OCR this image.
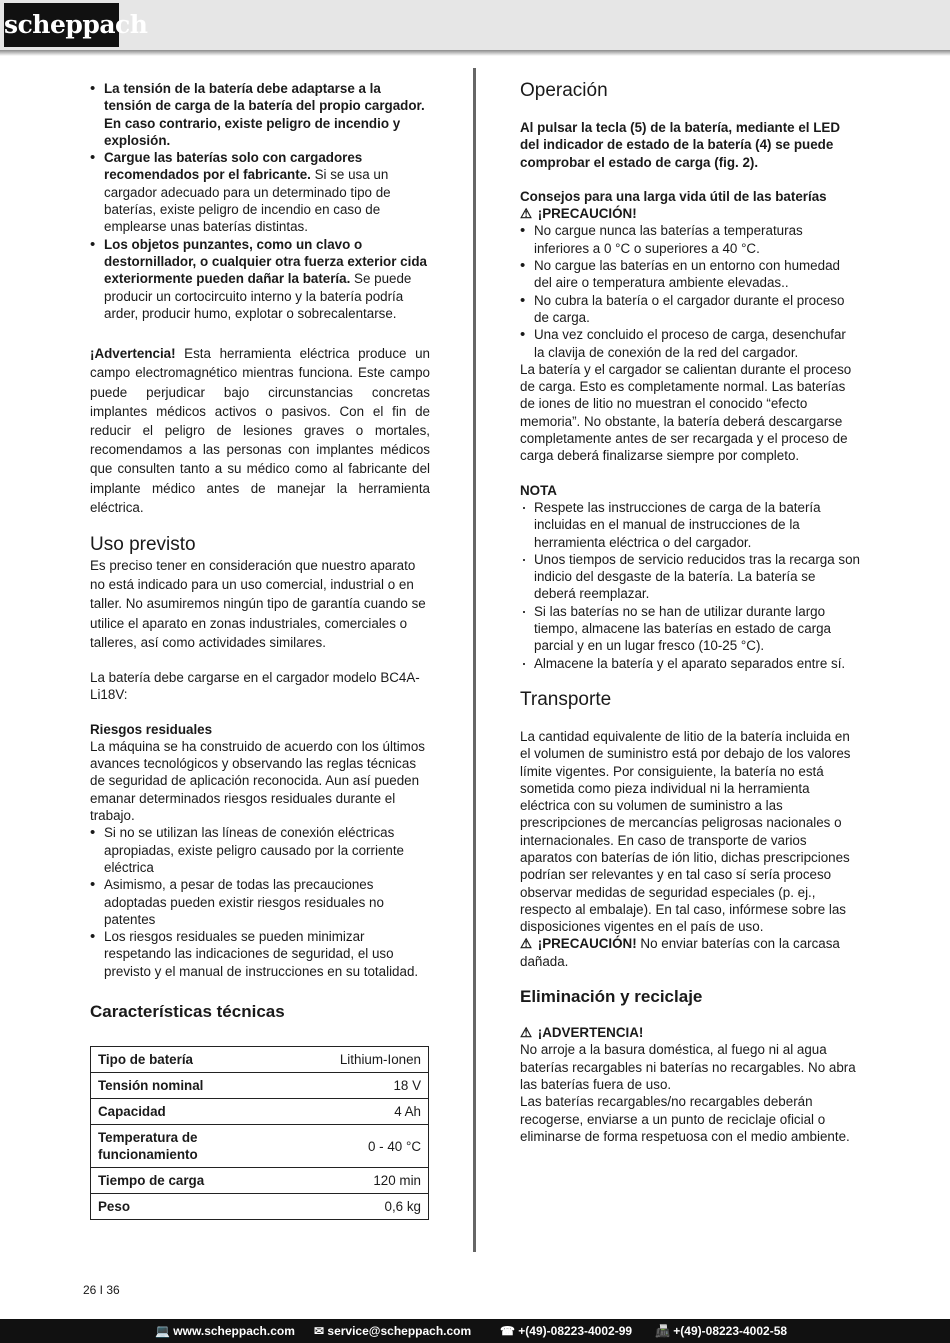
scheppach
• La tensión de la batería debe adaptarse a la tensión de carga de la batería del propio cargador. En caso contrario, existe peligro de incendio y explosión.
• Cargue las baterías solo con cargadores recomendados por el fabricante. Si se usa un cargador adecuado para un determinado tipo de baterías, existe peligro de incendio en caso de emplearse unas baterías distintas.
• Los objetos punzantes, como un clavo o destornillador, o cualquier otra fuerza exterior cida exteriormente pueden dañar la batería. Se puede producir un cortocircuito interno y la batería podría arder, producir humo, explotar o sobrecalentarse.

¡Advertencia! Esta herramienta eléctrica produce un campo electromagnético mientras funciona. Este campo puede perjudicar bajo circunstancias concretas implantes médicos activos o pasivos. Con el fin de reducir el peligro de lesiones graves o mortales, recomendamos a las personas con implantes médicos que consulten tanto a su médico como al fabricante del implante médico antes de manejar la herramienta eléctrica.

Uso previsto

Es preciso tener en consideración que nuestro aparato no está indicado para un uso comercial, industrial o en taller. No asumiremos ningún tipo de garantía cuando se utilice el aparato en zonas industriales, comerciales o talleres, así como actividades similares.

La batería debe cargarse en el cargador modelo BC4A-Li18V:

Riesgos residuales

La máquina se ha construido de acuerdo con los últimos avances tecnológicos y observando las reglas técnicas de seguridad de aplicación reconocida. Aun así pueden emanar determinados riesgos residuales durante el trabajo.

• Si no se utilizan las líneas de conexión eléctricas apropiadas, existe peligro causado por la corriente eléctrica
• Asimismo, a pesar de todas las precauciones adoptadas pueden existir riesgos residuales no patentes
• Los riesgos residuales se pueden minimizar respetando las indicaciones de seguridad, el uso previsto y el manual de instrucciones en su totalidad.
Características técnicas
Tipo de batería	Lithium-Ionen
Tensión nominal	18 V
Capacidad	4 Ah
Temperatura de funcionamiento	0 - 40 °C
Tiempo de carga	120 min
Peso	0,6 kg
Operación

Al pulsar la tecla (5) de la batería, mediante el LED del indicador de estado de la batería (4) se puede comprobar el estado de carga (fig. 2).

Consejos para una larga vida útil de las baterías

⚠ ¡PRECAUCIÓN!

• No cargue nunca las baterías a temperaturas inferiores a 0 °C o superiores a 40 °C.
• No cargue las baterías en un entorno con humedad del aire o temperatura ambiente elevadas..
• No cubra la batería o el cargador durante el proceso de carga.
• Una vez concluido el proceso de carga, desenchufar la clavija de conexión de la red del cargador.

La batería y el cargador se calientan durante el proceso de carga. Esto es completamente normal. Las baterías de iones de litio no muestran el conocido “efecto memoria”. No obstante, la batería deberá descargarse completamente antes de ser recargada y el proceso de carga deberá finalizarse siempre por completo.

NOTA

· Respete las instrucciones de carga de la batería incluidas en el manual de instrucciones de la herramienta eléctrica o del cargador.
· Unos tiempos de servicio reducidos tras la recarga son indicio del desgaste de la batería. La batería se deberá reemplazar.
· Si las baterías no se han de utilizar durante largo tiempo, almacene las baterías en estado de carga parcial y en un lugar fresco (10-25 °C).
· Almacene la batería y el aparato separados entre sí.
Transporte

La cantidad equivalente de litio de la batería incluida en el volumen de suministro está por debajo de los valores límite vigentes. Por consiguiente, la batería no está sometida como pieza individual ni la herramienta eléctrica con su volumen de suministro a las prescripciones de mercancías peligrosas nacionales o internacionales. En caso de transporte de varios aparatos con baterías de ión litio, dichas prescripciones podrían ser relevantes y en tal caso sí sería proceso observar medidas de seguridad especiales (p. ej., respecto al embalaje). En tal caso, infórmese sobre las disposiciones vigentes en el país de uso.

⚠ ¡PRECAUCIÓN! No enviar baterías con la carcasa dañada.

Eliminación y reciclaje

⚠ ¡ADVERTENCIA!

No arroje a la basura doméstica, al fuego ni al agua baterías recargables ni baterías no recargables. No abra las baterías fuera de uso.

Las baterías recargables/no recargables deberán recogerse, enviarse a un punto de reciclaje oficial o eliminarse de forma respetuosa con el medio ambiente.

26 I 36
💻 www.scheppach.com ✉ service@scheppach.com ☎ +(49)-08223-4002-99 📠 +(49)-08223-4002-58
